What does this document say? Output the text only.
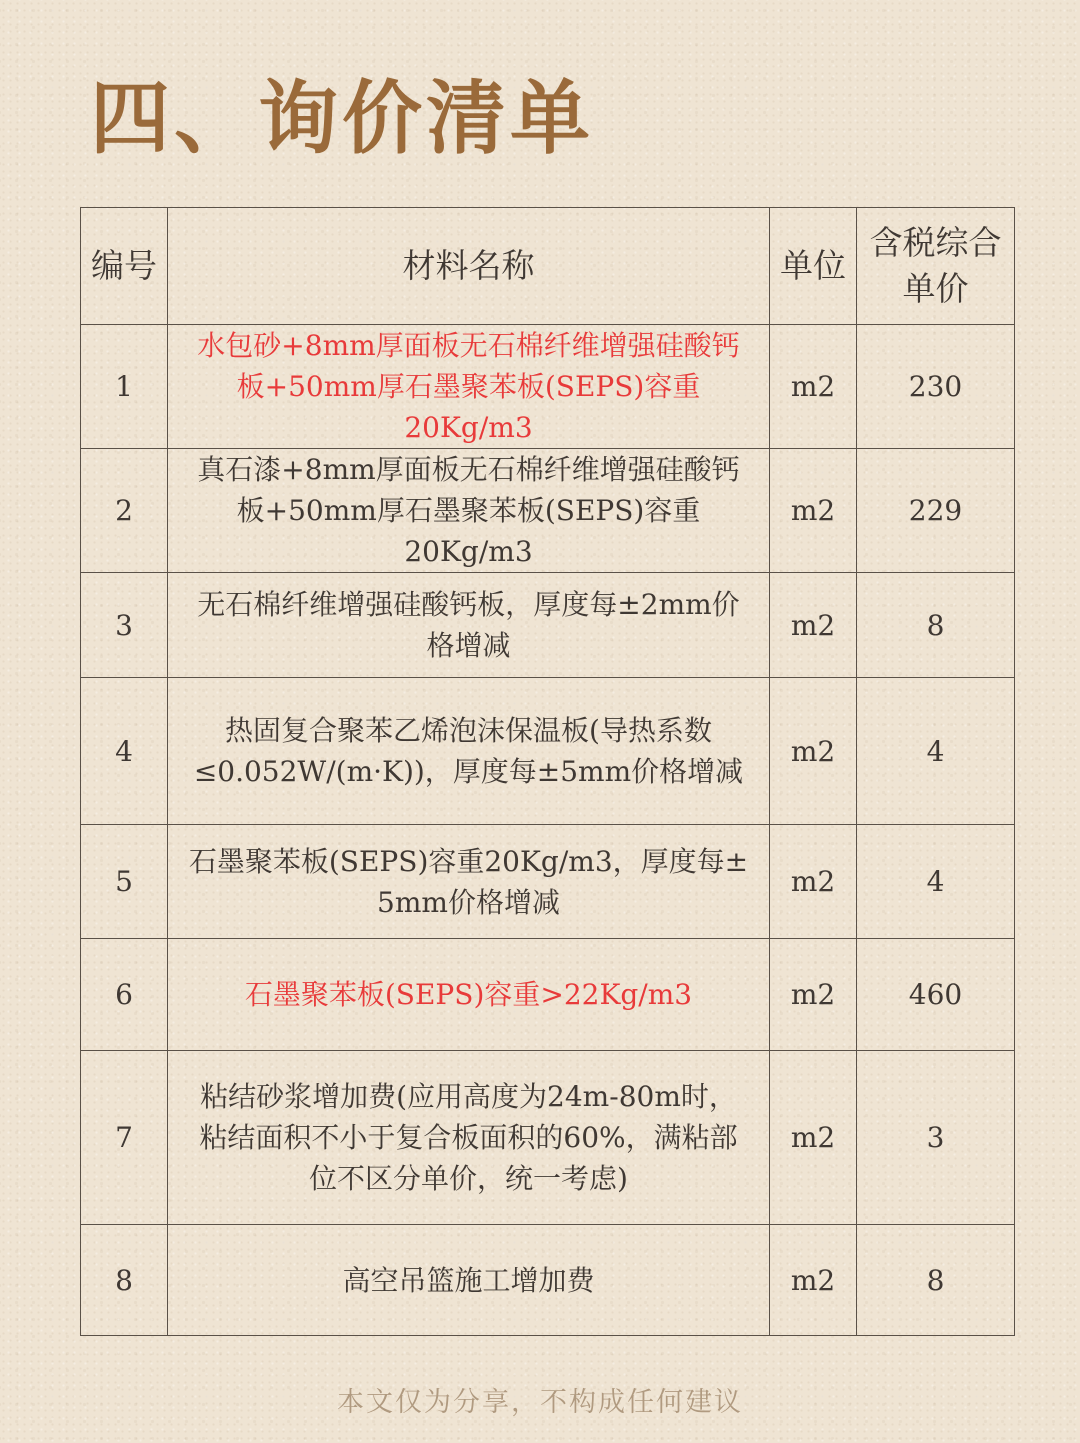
四、询价清单
编号	材料名称	单位	含税综合
单价

1	水包砂+8mm厚面板无石棉纤维增强硅酸钙
板+50mm厚石墨聚苯板(SEPS)容重20Kg/m3	m2	230
2	真石漆+8mm厚面板无石棉纤维增强硅酸钙
板+50mm厚石墨聚苯板(SEPS)容重20Kg/m3	m2	229
3	无石棉纤维增强硅酸钙板，厚度每±2mm价
格增减	m2	8
4	热固复合聚苯乙烯泡沫保温板(导热系数
≤0.052W/(m·K))，厚度每±5mm价格增减	m2	4
5	石墨聚苯板(SEPS)容重20Kg/m3，厚度每±
5mm价格增减	m2	4
6	石墨聚苯板(SEPS)容重>22Kg/m3	m2	460
7	粘结砂浆增加费(应用高度为24m-80m时，
粘结面积不小于复合板面积的60%，满粘部
位不区分单价，统一考虑)	m2	3
8	高空吊篮施工增加费	m2	8
本文仅为分享，不构成任何建议
